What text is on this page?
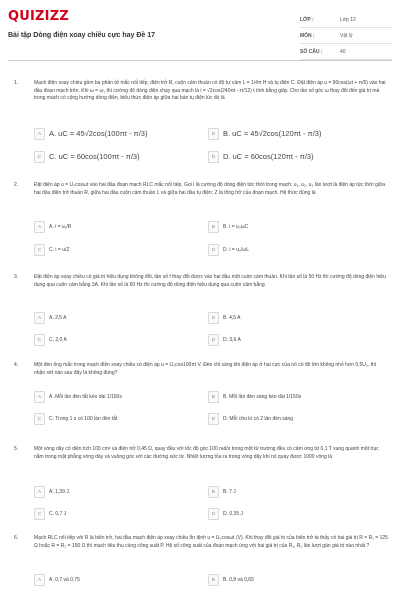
QUIZIZZ
Bài tập Dòng điện xoay chiều cực hay Đề 17
LỚP :	Lớp 12
MÔN :	Vật lý
SỐ CÂU :	40
1.	Mạch điện xoay chiều gồm ba phần tử mắc nối tiếp, điện trở R, cuộn cảm thuần có độ tự cảm L = 1/4π H và tụ điện C. Đặt điện áp u = 90cos(ωt + π/6) vào hai đầu đoạn mạch trên. Khi ω = ω₁ thì cường độ dòng điện chạy qua mạch là i = √2cos(240πt - π/12) t tính bằng giây. Cho tần số góc ω thay đổi đến giá trị mà trong mạch có cộng hưởng dòng điện, biểu thức điện áp giữa hai bản tụ điện lúc đó là
A	A. uC = 45√2cos(100πt - π/3)	B	B. uC = 45√2cos(120πt - π/3)
C	C. uC = 60cos(100πt - π/3)	D	D. uC = 60cos(120πt - π/3)
2.	Đặt điện áp u = U₀cosωt vào hai đầu đoạn mạch RLC mắc nối tiếp. Gọi i là cường độ dòng điện tức thời trong mạch; u₁, u₂, u₃ lần lượt là điện áp tức thời giữa hai đầu điện trở thuần R, giữa hai đầu cuộn cảm thuần L và giữa hai đầu tụ điện; Z là tổng trở của đoạn mạch. Hệ thức đúng là
A	A. i = u₁/R	B	B. i = u₃ωC
C	C. i = u/Z	D	D. i = u₂/ωL
3.	Đặt điện áp xoay chiều có giá trị hiệu dụng không đổi, tần số f thay đổi được vào hai đầu một cuộn cảm thuần. Khi tần số là 50 Hz thì cường độ dòng điện hiệu dụng qua cuộn cảm bằng 3A. Khi tần số là 60 Hz thì cường độ dòng điện hiệu dụng qua cuộn cảm bằng
A	A. 2,5 A	B	B. 4,5 A
C	C. 2,0 A	D	D. 3,6 A
4.	Một đèn ống mắc trong mạch điện xoay chiều có điện áp u = U₀cos100πt V. Đèn chỉ sáng khi điện áp ở hai cực của nó có độ lớn không nhỏ hơn 0,5U₀, thì nhận xét nào sau đây là không đúng?
A	A. Mỗi lần đèn tắt kéo dài 1/150s	B	B. Mỗi lần đèn sáng kéo dài 1/150s
C	C. Trong 1 s có 100 lần đèn tắt	D	D. Mỗi chu kì có 2 lần đèn sáng
5.	Một vòng dây có diện tích 100 cm² và điện trở 0,45 Ω, quay đều với tốc độ góc 100 rad/s trong một từ trường đều có cảm ứng từ 0,1 T xung quanh một trục nằm trong mặt phẳng vòng dây và vuông góc với các đường sức từ. Nhiệt lượng tỏa ra trong vòng dây khi nó quay được 1000 vòng là
A	A. 1,39 J.	B	B. 7 J
C	C. 0,7 J	D	D. 0,35 J
6.	Mạch RLC nối tiếp với R là biến trở, hai đầu mạch điện áp xoay chiều ổn định u = U₀cosωt (V). Khi thay đổi giá trị của biến trở ta thấy có hai giá trị R = R₁ = 125 Ω hoặc R = R₂ = 150 Ω thì mạch tiêu thụ cùng công suất P. Hệ số công suất của đoạn mạch ứng với hai giá trị của R₁, R₂ lần lượt gần giá trị nào nhất ?
A	A. 0,7 và 0,75	B	B. 0,8 và 0,65
